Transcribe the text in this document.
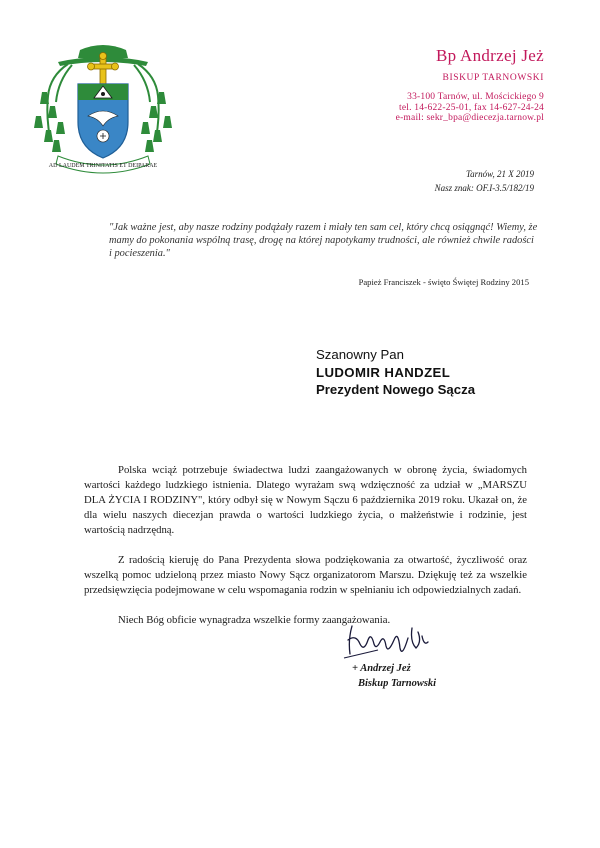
AD LAUDEM TRINITATIS ET DEIPARAE
Bp Andrzej Jeż
BISKUP TARNOWSKI
33-100 Tarnów, ul. Mościckiego 9
tel. 14-622-25-01, fax 14-627-24-24
e-mail: sekr_bpa@diecezja.tarnow.pl
Tarnów, 21 X 2019
Nasz znak: OF.I-3.5/182/19
"Jak ważne jest, aby nasze rodziny podążały razem i miały ten sam cel, który chcą osiągnąć! Wiemy, że mamy do pokonania wspólną trasę, drogę na której napotykamy trudności, ale również chwile radości i pocieszenia."
Papież Franciszek - święto Świętej Rodziny 2015
Szanowny Pan
LUDOMIR HANDZEL
Prezydent Nowego Sącza

Polska wciąż potrzebuje świadectwa ludzi zaangażowanych w obronę życia, świadomych wartości każdego ludzkiego istnienia. Dlatego wyrażam swą wdzięczność za udział w „MARSZU DLA ŻYCIA I RODZINY", który odbył się w Nowym Sączu 6 października 2019 roku. Ukazał on, że dla wielu naszych diecezjan prawda o wartości ludzkiego życia, o małżeństwie i rodzinie, jest wartością nadrzędną.

Z radością kieruję do Pana Prezydenta słowa podziękowania za otwartość, życzliwość oraz wszelką pomoc udzieloną przez miasto Nowy Sącz organizatorom Marszu. Dziękuję też za wszelkie przedsięwzięcia podejmowane w celu wspomagania rodzin w spełnianiu ich odpowiedzialnych zadań.

Niech Bóg obficie wynagradza wszelkie formy zaangażowania.

+ Andrzej Jeż
Biskup Tarnowski
